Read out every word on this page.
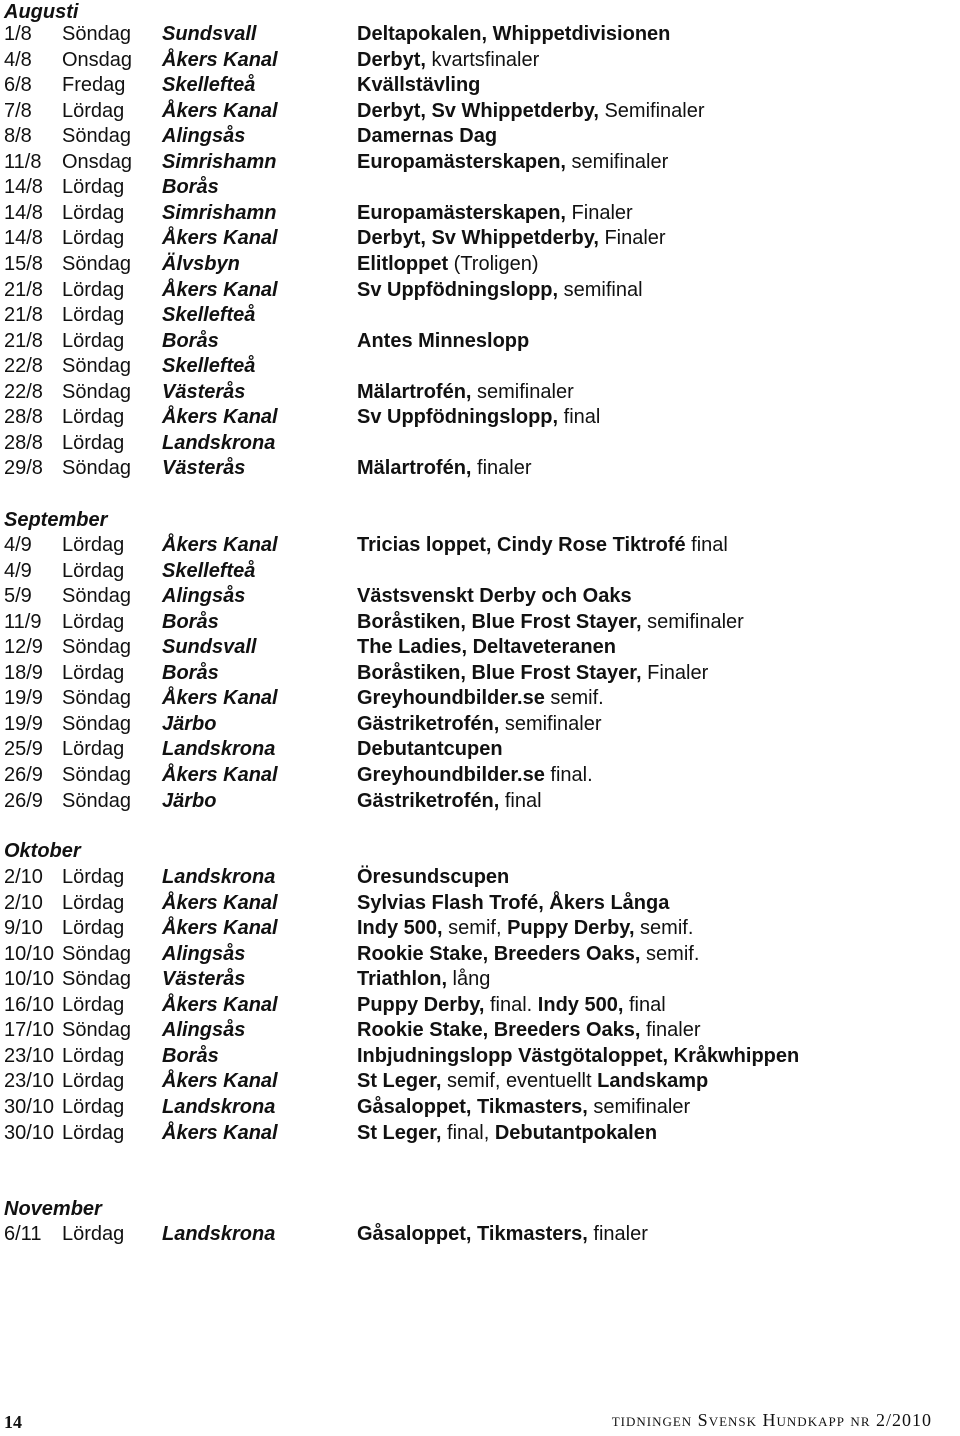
14	tidningen Svensk Hundkapp nr 2/2010
Augusti
1/8 Söndag Sundsvall	Deltapokalen, Whippetdivisionen
4/8 Onsdag Åkers Kanal	Derbyt, kvartsfinaler
6/8 Fredag Skellefteå	Kvällstävling
7/8 Lördag Åkers Kanal	Derbyt, Sv Whippetderby, Semifinaler
8/8 Söndag Alingsås	Damernas Dag
11/8 Onsdag Simrishamn	Europamästerskapen, semifinaler
14/8 Lördag Borås
14/8 Lördag Simrishamn	Europamästerskapen, Finaler
14/8 Lördag Åkers Kanal	Derbyt, Sv Whippetderby, Finaler
15/8 Söndag Älvsbyn	Elitloppet (Troligen)
21/8 Lördag Åkers Kanal	Sv Uppfödningslopp, semifinal
21/8 Lördag Skellefteå
21/8 Lördag Borås	Antes Minneslopp
22/8 Söndag Skellefteå
22/8 Söndag Västerås	Mälartrofén, semifinaler
28/8 Lördag Åkers Kanal	Sv Uppfödningslopp, final
28/8 Lördag Landskrona
29/8 Söndag Västerås	Mälartrofén, finaler
September
4/9 Lördag Åkers Kanal	Tricias loppet, Cindy Rose Tiktrofé final
4/9 Lördag Skellefteå
5/9 Söndag Alingsås	Västsvenskt Derby och Oaks
11/9 Lördag Borås	Boråstiken, Blue Frost Stayer, semifinaler
12/9 Söndag Sundsvall	The Ladies, Deltaveteranen
18/9 Lördag Borås	Boråstiken, Blue Frost Stayer, Finaler
19/9 Söndag Åkers Kanal	Greyhoundbilder.se semif.
19/9 Söndag Järbo	Gästriketrofén, semifinaler
25/9 Lördag Landskrona	Debutantcupen
26/9 Söndag Åkers Kanal	Greyhoundbilder.se final.
26/9 Söndag Järbo	Gästriketrofén, final
Oktober
2/10 Lördag Landskrona	Öresundscupen
2/10 Lördag Åkers Kanal	Sylvias Flash Trofé, Åkers Långa
9/10 Lördag Åkers Kanal	Indy 500, semif, Puppy Derby, semif.
10/10 Söndag Alingsås	Rookie Stake, Breeders Oaks, semif.
10/10 Söndag Västerås	Triathlon, lång
16/10 Lördag Åkers Kanal	Puppy Derby, final. Indy 500, final
17/10 Söndag Alingsås	Rookie Stake, Breeders Oaks, finaler
23/10 Lördag Borås	Inbjudningslopp Västgötaloppet, Kråkwhippen
23/10 Lördag Åkers Kanal	St Leger, semif, eventuellt Landskamp
30/10 Lördag Landskrona	Gåsaloppet, Tikmasters, semifinaler
30/10 Lördag Åkers Kanal	St Leger, final, Debutantpokalen
November
6/11 Lördag Landskrona	Gåsaloppet, Tikmasters, finaler
